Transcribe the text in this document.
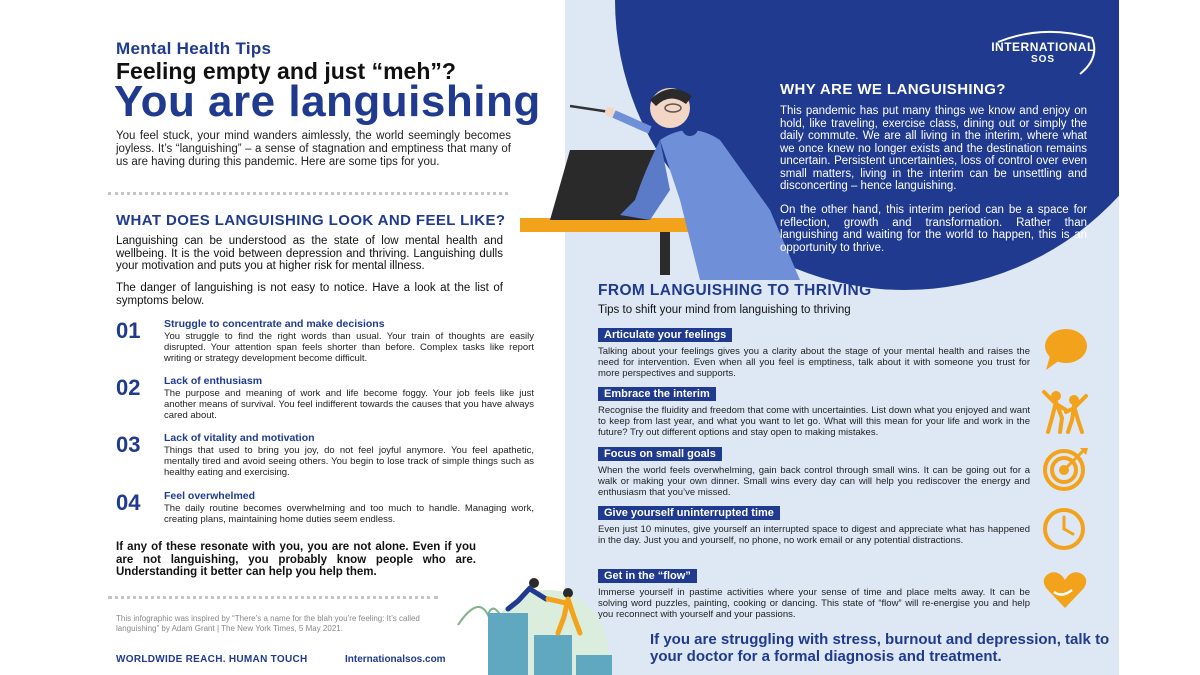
INTERNATIONAL
SOS
Mental Health Tips
Feeling empty and just “meh”?
You are languishing
You feel stuck, your mind wanders aimlessly, the world seemingly becomes joyless. It’s “languishing” – a sense of stagnation and emptiness that many of us are having during this pandemic. Here are some tips for you.
WHAT DOES LANGUISHING LOOK AND FEEL LIKE?
Languishing can be understood as the state of low mental health and wellbeing. It is the void between depression and thriving. Languishing dulls your motivation and puts you at higher risk for mental illness.
The danger of languishing is not easy to notice. Have a look at the list of symptoms below.
01	Struggle to concentrate and make decisions
You struggle to find the right words than usual. Your train of thoughts are easily disrupted. Your attention span feels shorter than before. Complex tasks like report writing or strategy development become difficult.
02	Lack of enthusiasm
The purpose and meaning of work and life become foggy. Your job feels like just another means of survival. You feel indifferent towards the causes that you have always cared about.
03	Lack of vitality and motivation
Things that used to bring you joy, do not feel joyful anymore. You feel apathetic, mentally tired and avoid seeing others. You begin to lose track of simple things such as healthy eating and exercising.
04	Feel overwhelmed
The daily routine becomes overwhelming and too much to handle. Managing work, creating plans, maintaining home duties seem endless.
If any of these resonate with you, you are not alone. Even if you are not languishing, you probably know people who are. Understanding it better can help you help them.
This infographic was inspired by “There’s a name for the blah you’re feeling: It’s called languishing” by Adam Grant | The New York Times, 5 May 2021.
WORLDWIDE REACH. HUMAN TOUCH	Internationalsos.com
WHY ARE WE LANGUISHING?
This pandemic has put many things we know and enjoy on hold, like traveling, exercise class, dining out or simply the daily commute. We are all living in the interim, where what we once knew no longer exists and the destination remains uncertain. Persistent uncertainties, loss of control over even small matters, living in the interim can be unsettling and disconcerting – hence languishing.
On the other hand, this interim period can be a space for reflection, growth and transformation. Rather than languishing and waiting for the world to happen, this is an opportunity to thrive.
FROM LANGUISHING TO THRIVING
Tips to shift your mind from languishing to thriving
Articulate your feelings
Talking about your feelings gives you a clarity about the stage of your mental health and raises the need for intervention. Even when all you feel is emptiness, talk about it with someone you trust for more perspectives and supports.
Embrace the interim
Recognise the fluidity and freedom that come with uncertainties. List down what you enjoyed and want to keep from last year, and what you want to let go. What will this mean for your life and work in the future? Try out different options and stay open to making mistakes.
Focus on small goals
When the world feels overwhelming, gain back control through small wins. It can be going out for a walk or making your own dinner. Small wins every day can will help you rediscover the energy and enthusiasm that you’ve missed.
Give yourself uninterrupted time
Even just 10 minutes, give yourself an interrupted space to digest and appreciate what has happened in the day. Just you and yourself, no phone, no work email or any potential distractions.
Get in the “flow”
Immerse yourself in pastime activities where your sense of time and place melts away. It can be solving word puzzles, painting, cooking or dancing. This state of “flow” will re-energise you and help you reconnect with yourself and your passions.
If you are struggling with stress, burnout and depression, talk to your doctor for a formal diagnosis and treatment.
